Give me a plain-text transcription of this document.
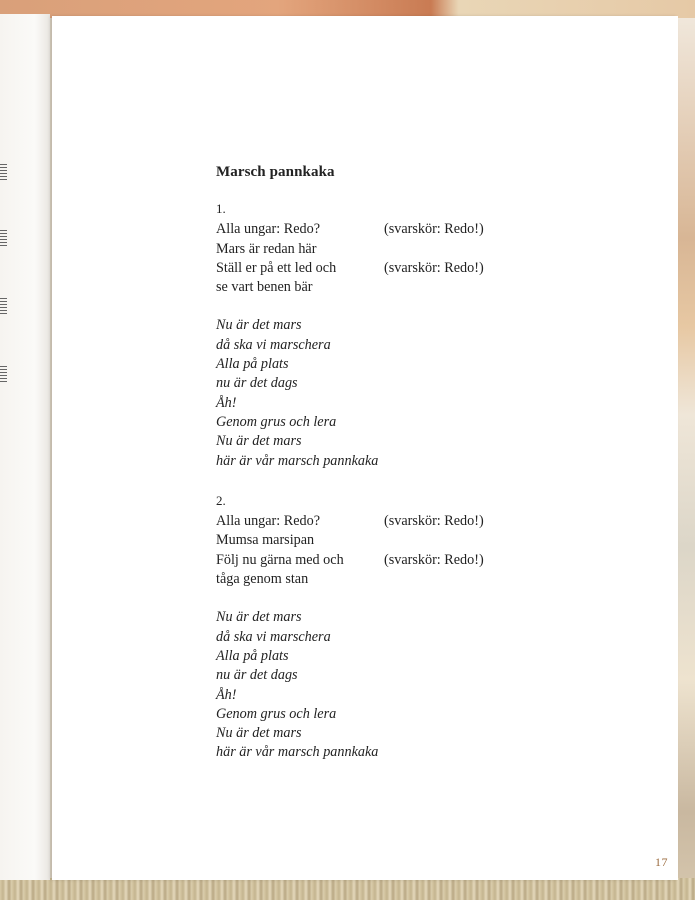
Marsch pannkaka
1.
Alla ungar: Redo?	(svarskör: Redo!)
Mars är redan här
Ställ er på ett led och	(svarskör: Redo!)
se vart benen bär
Nu är det mars
då ska vi marschera
Alla på plats
nu är det dags
Åh!
Genom grus och lera
Nu är det mars
här är vår marsch pannkaka
2.
Alla ungar: Redo?	(svarskör: Redo!)
Mumsa marsipan
Följ nu gärna med och	(svarskör: Redo!)
tåga genom stan
Nu är det mars
då ska vi marschera
Alla på plats
nu är det dags
Åh!
Genom grus och lera
Nu är det mars
här är vår marsch pannkaka
17
